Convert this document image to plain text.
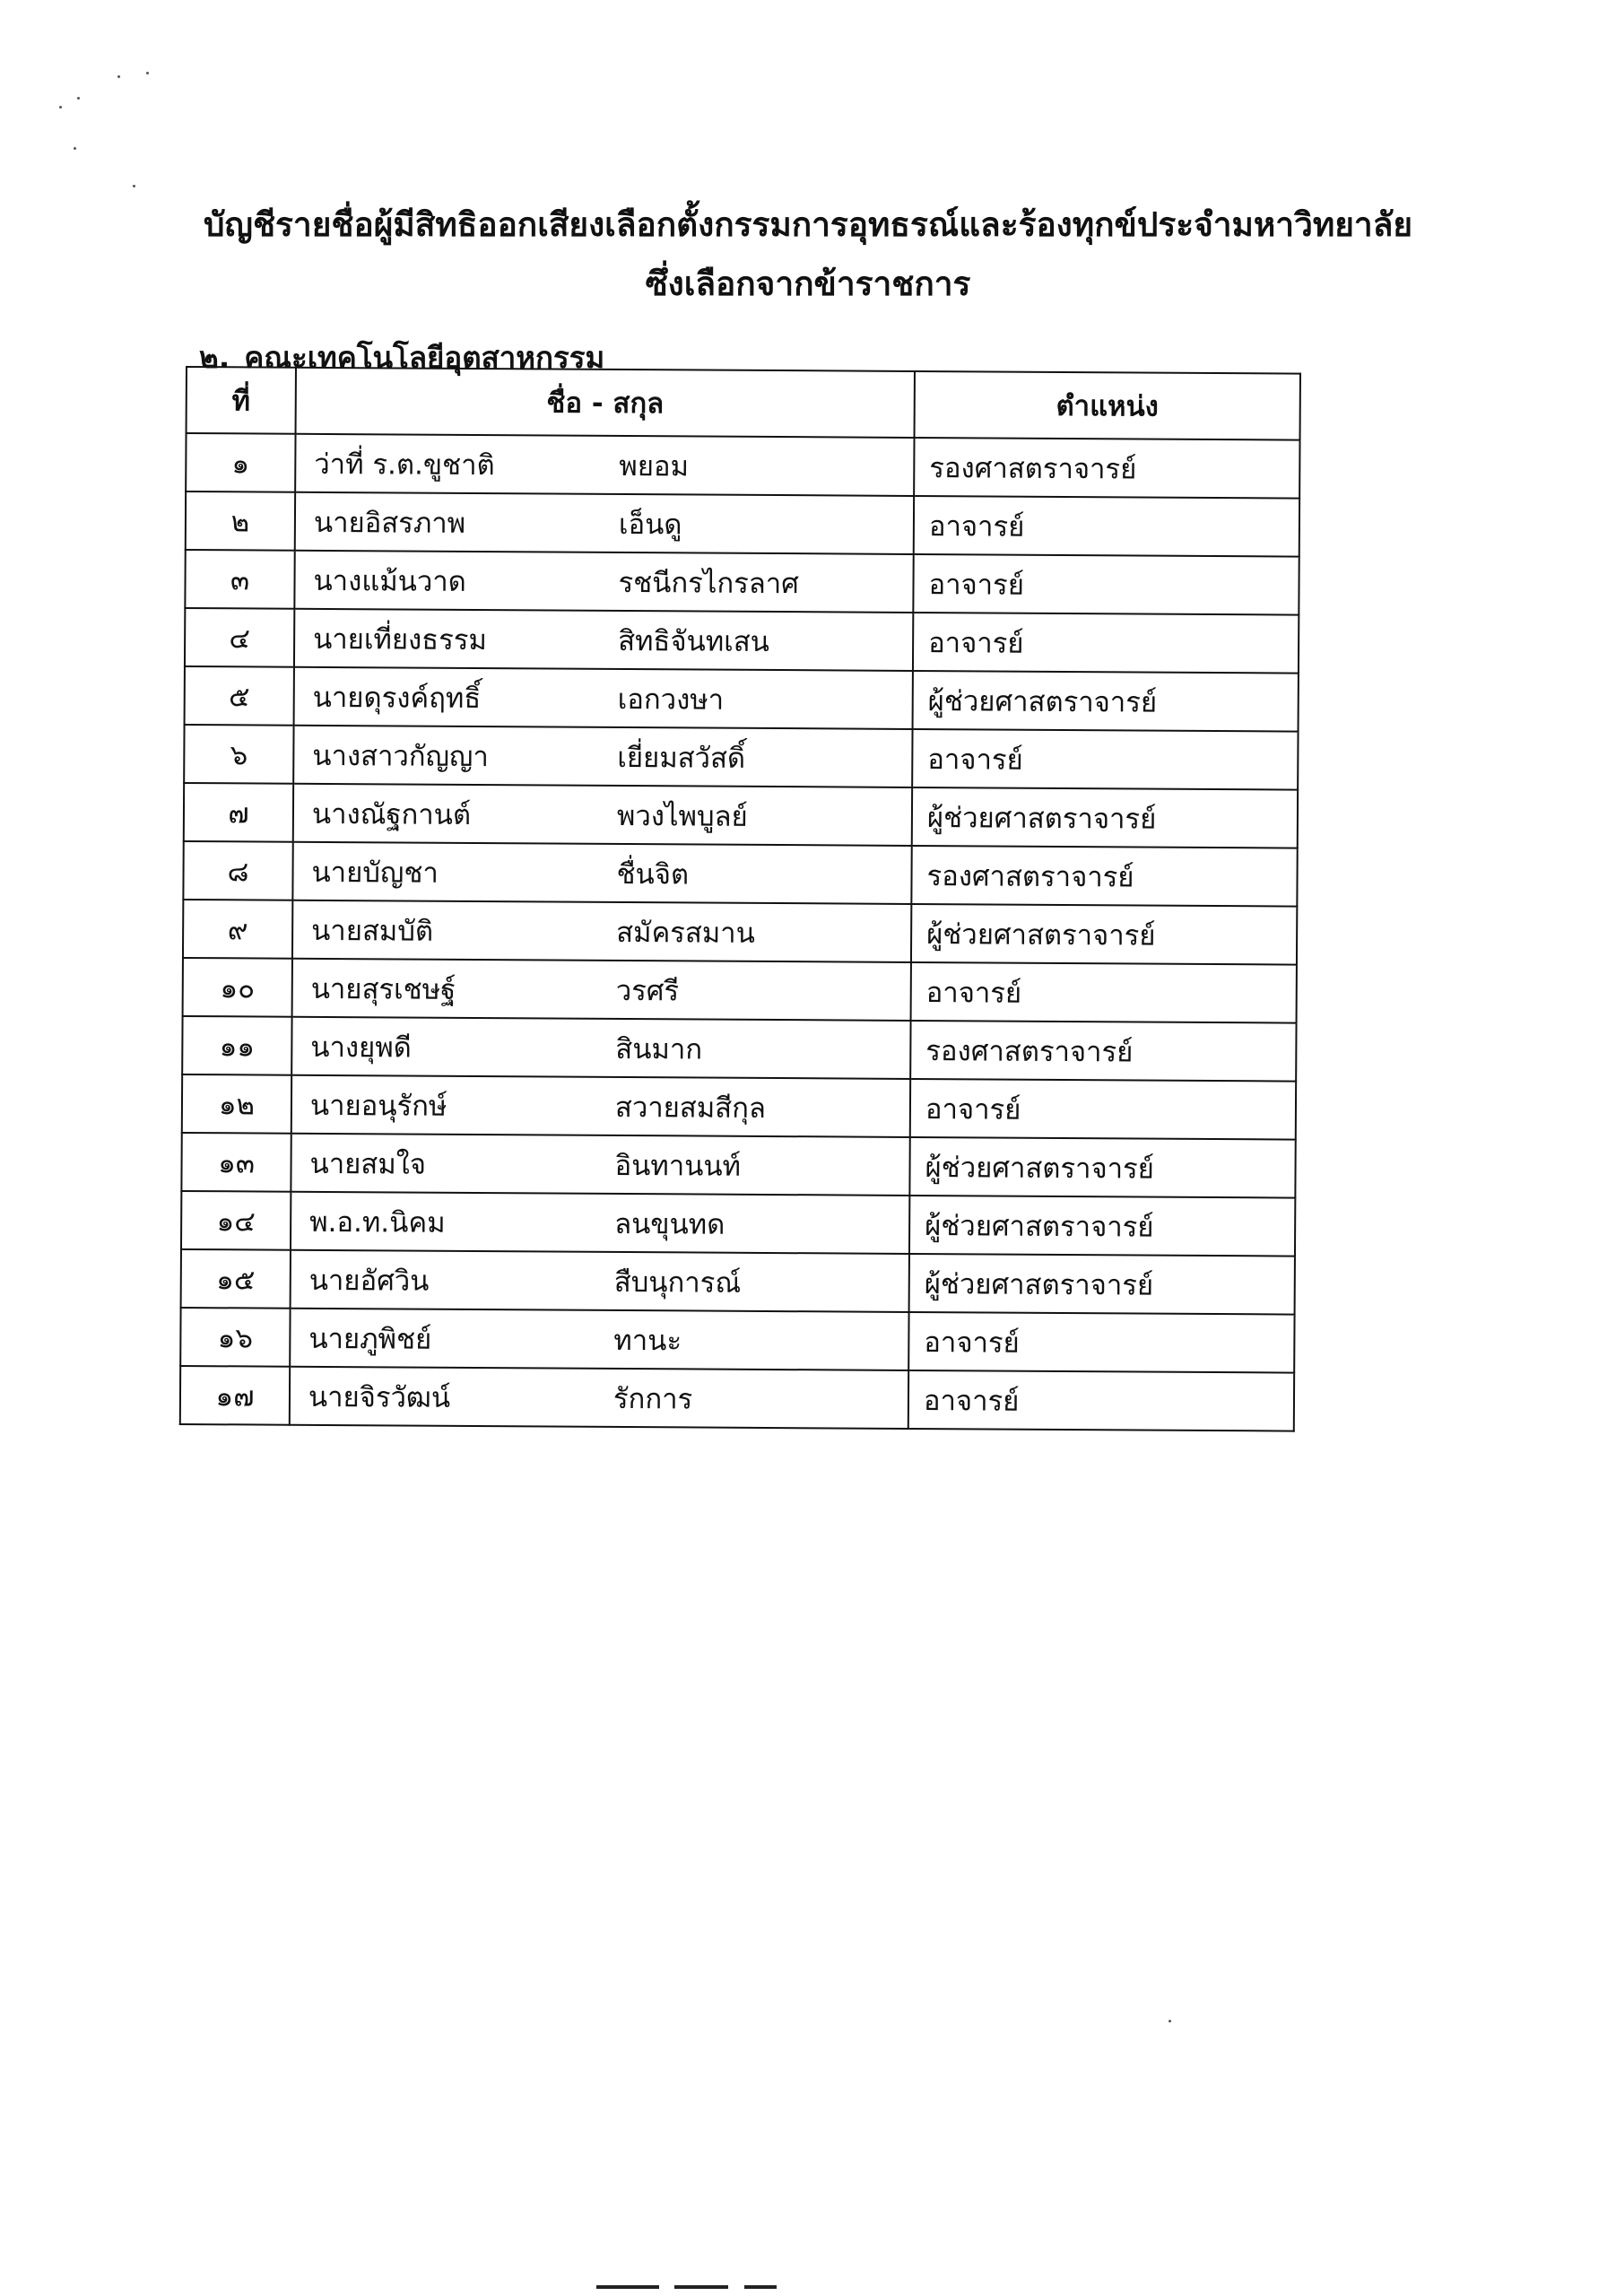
บัญชีรายชื่อผู้มีสิทธิออกเสียงเลือกตั้งกรรมการอุทธรณ์และร้องทุกข์ประจำมหาวิทยาลัย
ซึ่งเลือกจากข้าราชการ
๒. คณะเทคโนโลยีอุตสาหกรรม
ที่	ชื่อ - สกุล	ตำแหน่ง
๑	ว่าที่ ร.ต.ขูชาติ พยอม	รองศาสตราจารย์
๒	นายอิสรภาพ เอ็นดู	อาจารย์
๓	นางแม้นวาด รชนีกรไกรลาศ	อาจารย์
๔	นายเที่ยงธรรม สิทธิจันทเสน	อาจารย์
๕	นายดุรงค์ฤทธิ์ เอกวงษา	ผู้ช่วยศาสตราจารย์
๖	นางสาวกัญญา เยี่ยมสวัสดิ์	อาจารย์
๗	นางณัฐกานต์ พวงไพบูลย์	ผู้ช่วยศาสตราจารย์
๘	นายบัญชา ชื่นจิต	รองศาสตราจารย์
๙	นายสมบัติ สมัครสมาน	ผู้ช่วยศาสตราจารย์
๑๐	นายสุรเชษฐ์ วรศรี	อาจารย์
๑๑	นางยุพดี สินมาก	รองศาสตราจารย์
๑๒	นายอนุรักษ์ สวายสมสีกุล	อาจารย์
๑๓	นายสมใจ อินทานนท์	ผู้ช่วยศาสตราจารย์
๑๔	พ.อ.ท.นิคม ลนขุนทด	ผู้ช่วยศาสตราจารย์
๑๕	นายอัศวิน สืบนุการณ์	ผู้ช่วยศาสตราจารย์
๑๖	นายภูพิชย์ ทานะ	อาจารย์
๑๗	นายจิรวัฒน์ รักการ	อาจารย์
